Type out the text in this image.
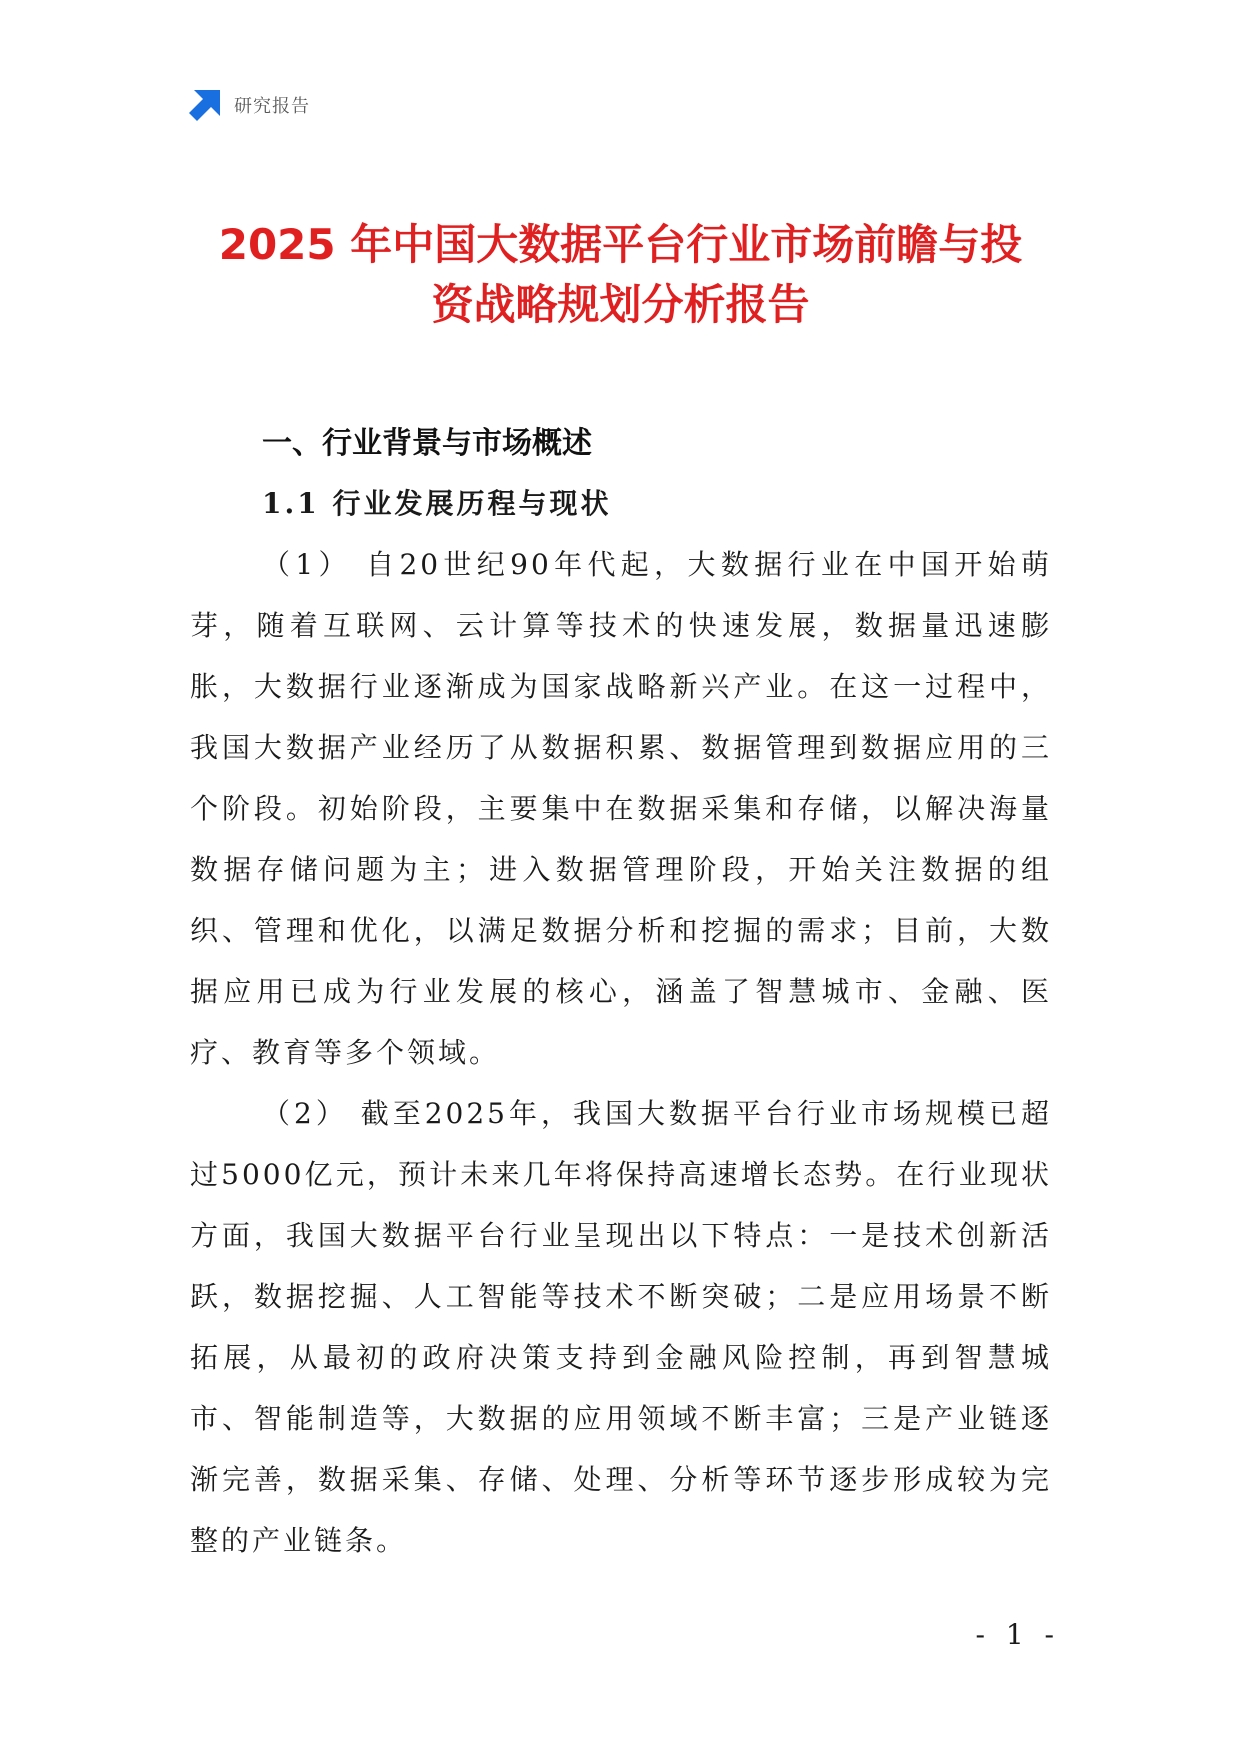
研究报告
2025 年中国大数据平台行业市场前瞻与投
资战略规划分析报告
一、行业背景与市场概述
1.1 行业发展历程与现状

（1） 自20世纪90年代起，大数据行业在中国开始萌芽，随着互联网、云计算等技术的快速发展，数据量迅速膨胀，大数据行业逐渐成为国家战略新兴产业。在这一过程中，我国大数据产业经历了从数据积累、数据管理到数据应用的三个阶段。初始阶段，主要集中在数据采集和存储，以解决海量数据存储问题为主；进入数据管理阶段，开始关注数据的组织、管理和优化，以满足数据分析和挖掘的需求；目前，大数据应用已成为行业发展的核心，涵盖了智慧城市、金融、医疗、教育等多个领域。

（2） 截至2025年，我国大数据平台行业市场规模已超过5000亿元，预计未来几年将保持高速增长态势。在行业现状方面，我国大数据平台行业呈现出以下特点：一是技术创新活跃，数据挖掘、人工智能等技术不断突破；二是应用场景不断拓展，从最初的政府决策支持到金融风险控制，再到智慧城市、智能制造等，大数据的应用领域不断丰富；三是产业链逐渐完善，数据采集、存储、处理、分析等环节逐步形成较为完整的产业链条。

- 1 -
